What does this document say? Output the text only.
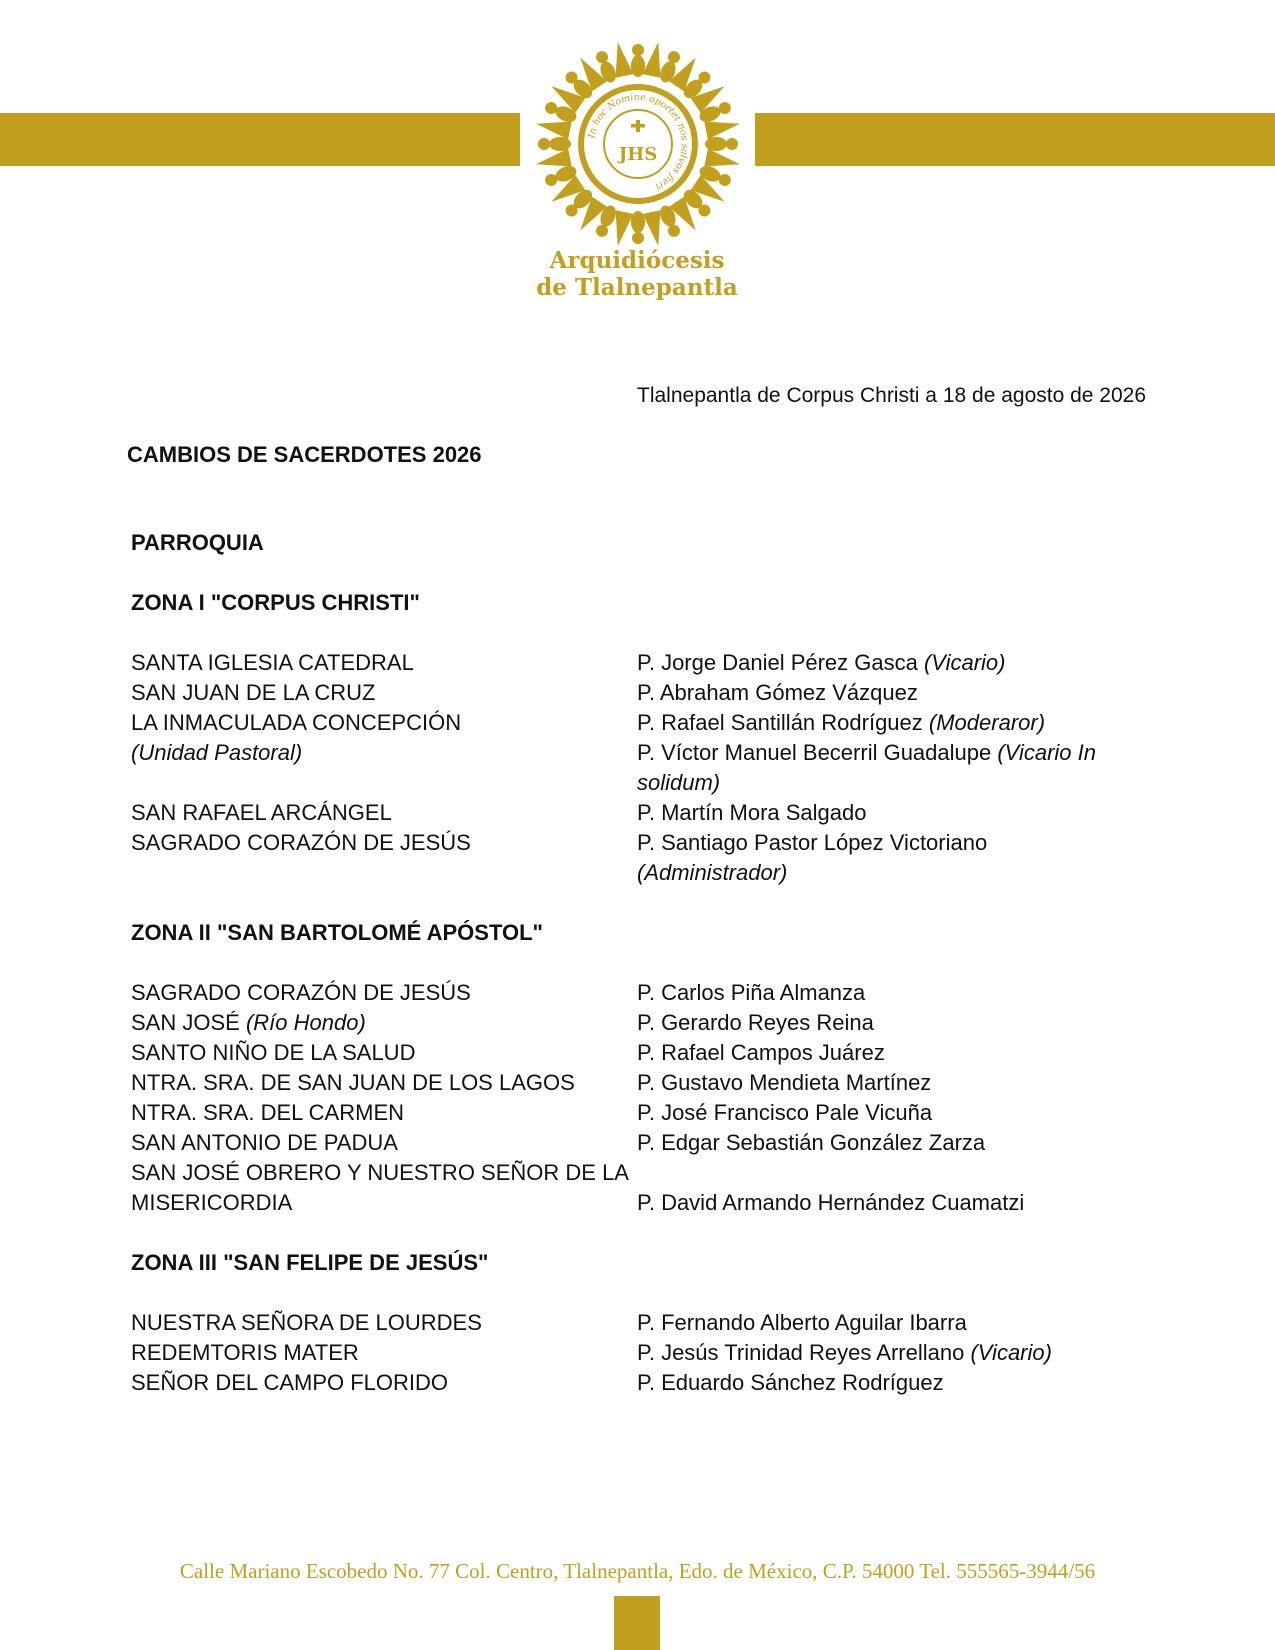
In hoc Nomine oportet nos salvos fieri
JHS
Arquidiócesis
de Tlalnepantla
Tlalnepantla de Corpus Christi a 18 de agosto de 2026
CAMBIOS DE SACERDOTES 2026
PARROQUIA
ZONA I "CORPUS CHRISTI"
SANTA IGLESIA CATEDRAL	P. Jorge Daniel Pérez Gasca (Vicario)
SAN JUAN DE LA CRUZ	P. Abraham Gómez Vázquez
LA INMACULADA CONCEPCIÓN	P. Rafael Santillán Rodríguez (Moderaror)
(Unidad Pastoral)	P. Víctor Manuel Becerril Guadalupe (Vicario In solidum)
SAN RAFAEL ARCÁNGEL	P. Martín Mora Salgado
SAGRADO CORAZÓN DE JESÚS	P. Santiago Pastor López Victoriano
(Administrador)
ZONA II "SAN BARTOLOMÉ APÓSTOL"
SAGRADO CORAZÓN DE JESÚS	P. Carlos Piña Almanza
SAN JOSÉ (Río Hondo)	P. Gerardo Reyes Reina
SANTO NIÑO DE LA SALUD	P. Rafael Campos Juárez
NTRA. SRA. DE SAN JUAN DE LOS LAGOS	P. Gustavo Mendieta Martínez
NTRA. SRA. DEL CARMEN	P. José Francisco Pale Vicuña
SAN ANTONIO DE PADUA	P. Edgar Sebastián González Zarza
SAN JOSÉ OBRERO Y NUESTRO SEÑOR DE LA
MISERICORDIA
	P. David Armando Hernández Cuamatzi
ZONA III "SAN FELIPE DE JESÚS"
NUESTRA SEÑORA DE LOURDES	P. Fernando Alberto Aguilar Ibarra
REDEMTORIS MATER	P. Jesús Trinidad Reyes Arrellano (Vicario)
SEÑOR DEL CAMPO FLORIDO	P. Eduardo Sánchez Rodríguez
Calle Mariano Escobedo No. 77 Col. Centro, Tlalnepantla, Edo. de México, C.P. 54000 Tel. 555565-3944/56
